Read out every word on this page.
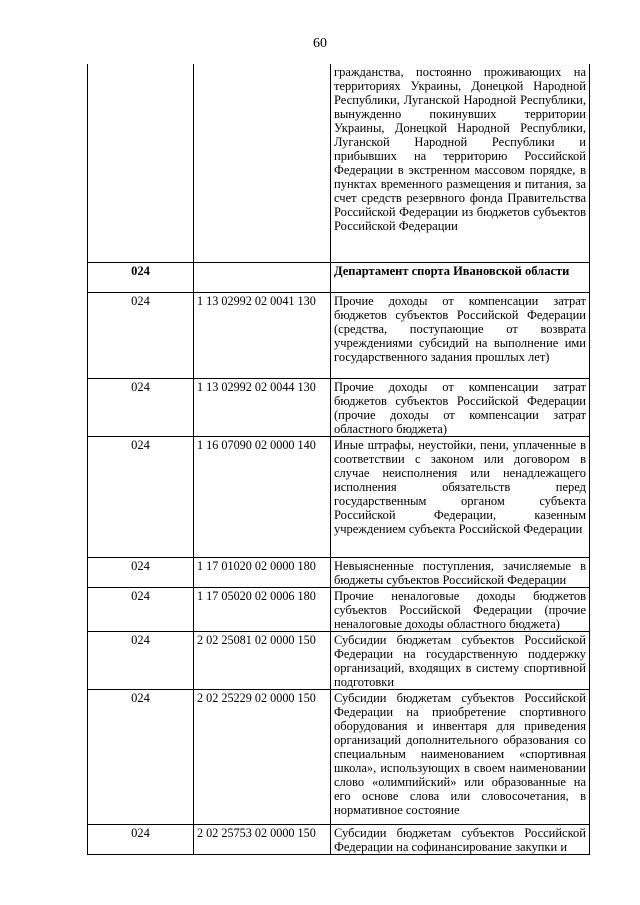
60
		гражданства, постоянно проживающих на территориях Украины, Донецкой Народной Республики, Луганской Народной Республики, вынужденно покинувших территории Украины, Донецкой Народной Республики, Луганской Народной Республики и прибывших на территорию Российской Федерации в экстренном массовом порядке, в пунктах временного размещения и питания, за счет средств резервного фонда Правительства Российской Федерации из бюджетов субъектов Российской Федерации
024		Департамент спорта Ивановской области
024	1 13 02992 02 0041 130	Прочие доходы от компенсации затрат бюджетов субъектов Российской Федерации (средства, поступающие от возврата учреждениями субсидий на выполнение ими государственного задания прошлых лет)
024	1 13 02992 02 0044 130	Прочие доходы от компенсации затрат бюджетов субъектов Российской Федерации (прочие доходы от компенсации затрат областного бюджета)
024	1 16 07090 02 0000 140	Иные штрафы, неустойки, пени, уплаченные в соответствии с законом или договором в случае неисполнения или ненадлежащего исполнения обязательств перед государственным органом субъекта Российской Федерации, казенным учреждением субъекта Российской Федерации
024	1 17 01020 02 0000 180	Невыясненные поступления, зачисляемые в бюджеты субъектов Российской Федерации
024	1 17 05020 02 0006 180	Прочие неналоговые доходы бюджетов субъектов Российской Федерации (прочие неналоговые доходы областного бюджета)
024	2 02 25081 02 0000 150	Субсидии бюджетам субъектов Российской Федерации на государственную поддержку организаций, входящих в систему спортивной подготовки
024	2 02 25229 02 0000 150	Субсидии бюджетам субъектов Российской Федерации на приобретение спортивного оборудования и инвентаря для приведения организаций дополнительного образования со специальным наименованием «спортивная школа», использующих в своем наименовании слово «олимпийский» или образованные на его основе слова или словосочетания, в нормативное состояние
024	2 02 25753 02 0000 150	Субсидии бюджетам субъектов Российской Федерации на софинансирование закупки и
